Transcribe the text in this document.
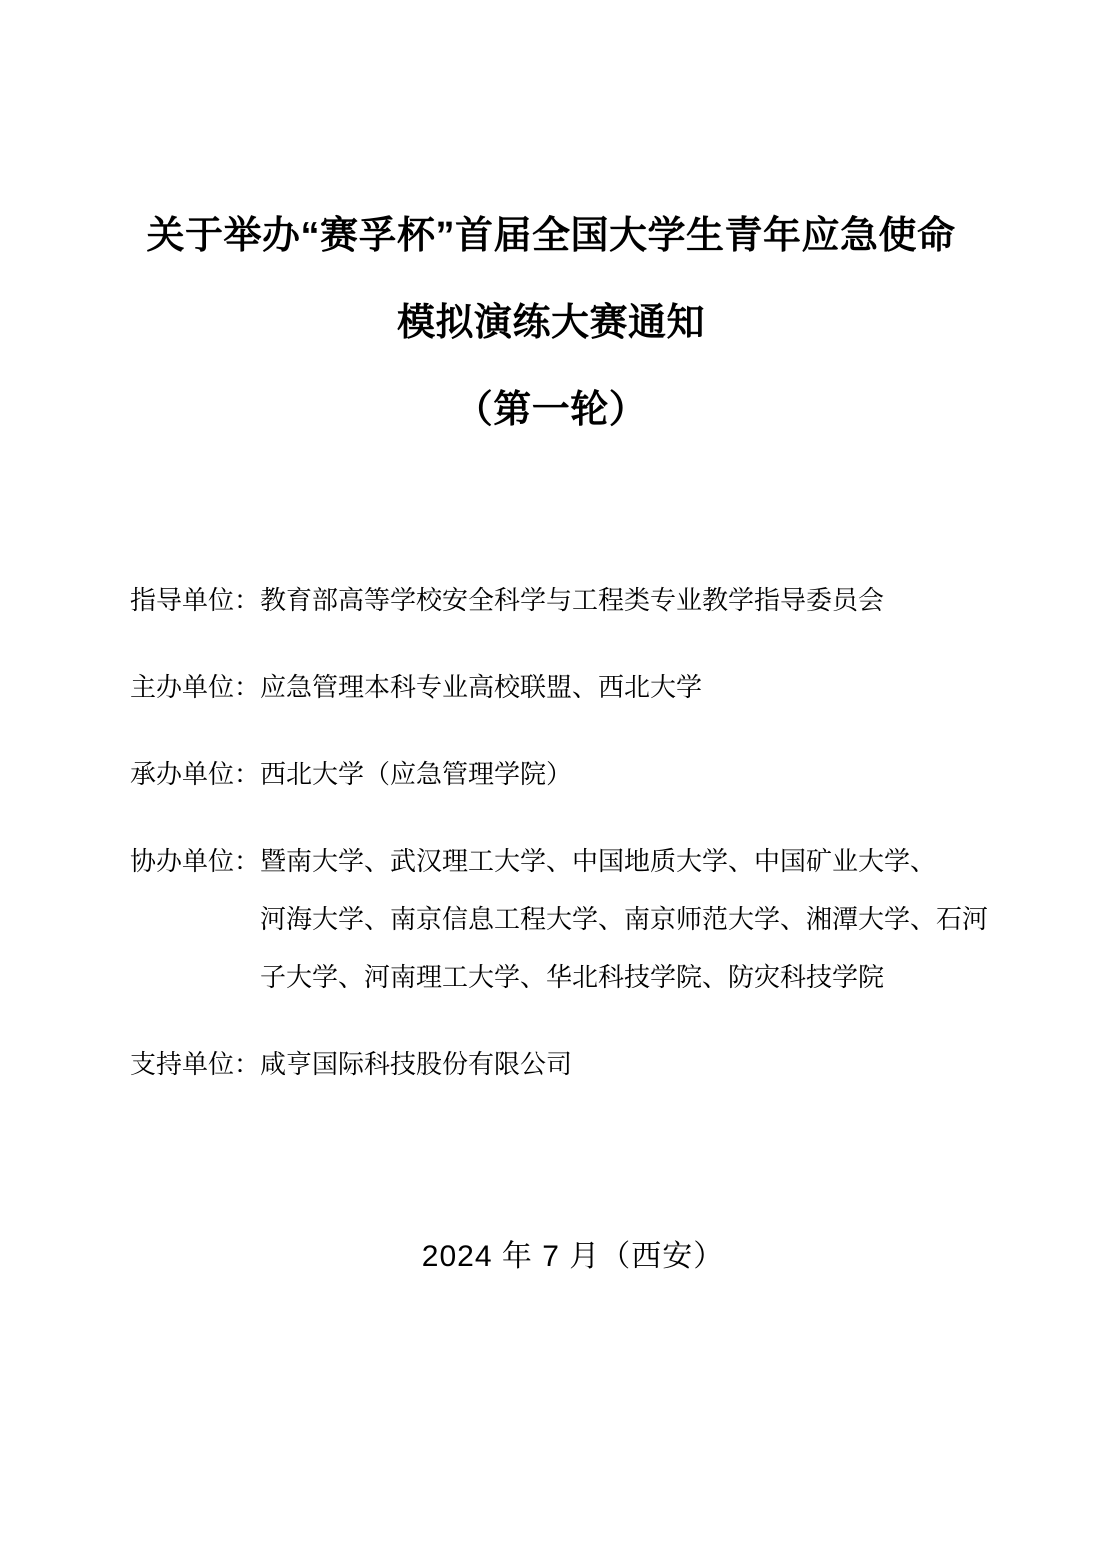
关于举办“赛孚杯”首届全国大学生青年应急使命
模拟演练大赛通知
（第一轮）
指导单位： 教育部高等学校安全科学与工程类专业教学指导委员会
主办单位： 应急管理本科专业高校联盟、西北大学
承办单位： 西北大学（应急管理学院）
协办单位： 暨南大学、武汉理工大学、中国地质大学、中国矿业大学、
河海大学、南京信息工程大学、南京师范大学、湘潭大学、石河
子大学、河南理工大学、华北科技学院、防灾科技学院
支持单位： 咸亨国际科技股份有限公司
2024 年 7 月（西安）
